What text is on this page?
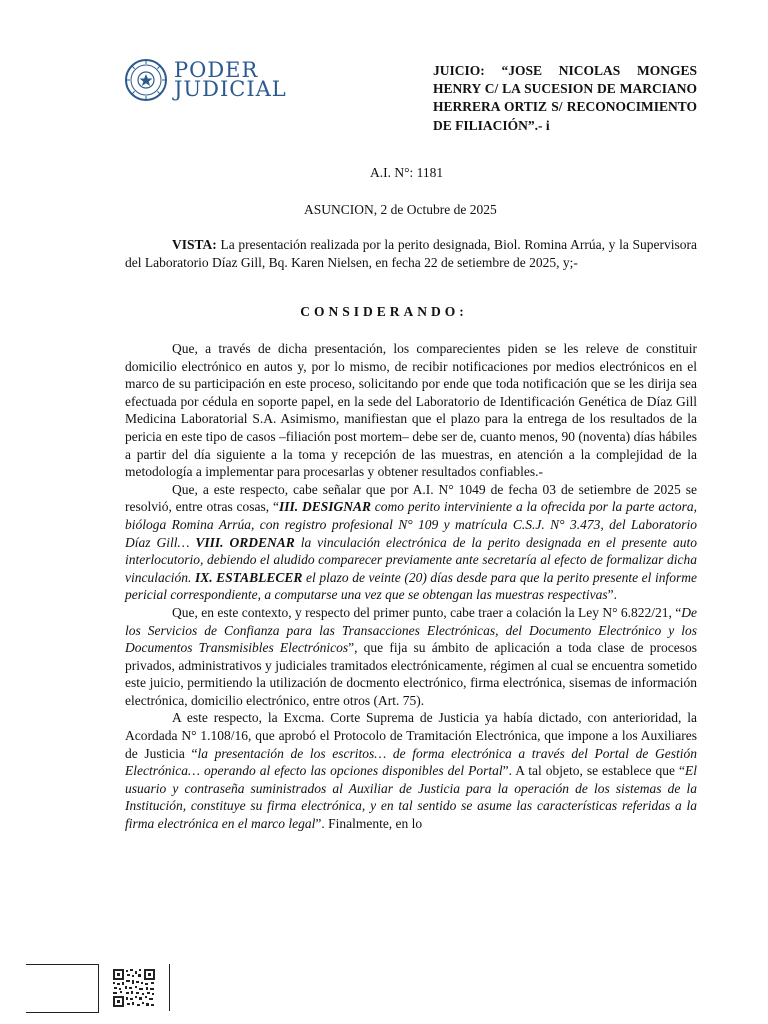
PODER
JUDICIAL
JUICIO: “JOSE NICOLAS MONGES HENRY C/ LA SUCESION DE MARCIANO HERRERA ORTIZ S/ RECONOCIMIENTO DE FILIACIÓN”.- i
A.I. N°: 1181
ASUNCION, 2 de Octubre de 2025

VISTA: La presentación realizada por la perito designada, Biol. Romina Arrúa, y la Supervisora del Laboratorio Díaz Gill, Bq. Karen Nielsen, en fecha 22 de setiembre de 2025, y;-

CONSIDERANDO:

Que, a través de dicha presentación, los comparecientes piden se les releve de constituir domicilio electrónico en autos y, por lo mismo, de recibir notificaciones por medios electrónicos en el marco de su participación en este proceso, solicitando por ende que toda notificación que se les dirija sea efectuada por cédula en soporte papel, en la sede del Laboratorio de Identificación Genética de Díaz Gill Medicina Laboratorial S.A. Asimismo, manifiestan que el plazo para la entrega de los resultados de la pericia en este tipo de casos –filiación post mortem– debe ser de, cuanto menos, 90 (noventa) días hábiles a partir del día siguiente a la toma y recepción de las muestras, en atención a la complejidad de la metodología a implementar para procesarlas y obtener resultados confiables.-

Que, a este respecto, cabe señalar que por A.I. N° 1049 de fecha 03 de setiembre de 2025 se resolvió, entre otras cosas, “III. DESIGNAR como perito interviniente a la ofrecida por la parte actora, bióloga Romina Arrúa, con registro profesional N° 109 y matrícula C.S.J. N° 3.473, del Laboratorio Díaz Gill… VIII. ORDENAR la vinculación electrónica de la perito designada en el presente auto interlocutorio, debiendo el aludido comparecer previamente ante secretaría al efecto de formalizar dicha vinculación. IX. ESTABLECER el plazo de veinte (20) días desde para que la perito presente el informe pericial correspondiente, a computarse una vez que se obtengan las muestras respectivas”.

Que, en este contexto, y respecto del primer punto, cabe traer a colación la Ley N° 6.822/21, “De los Servicios de Confianza para las Transacciones Electrónicas, del Documento Electrónico y los Documentos Transmisibles Electrónicos”, que fija su ámbito de aplicación a toda clase de procesos privados, administrativos y judiciales tramitados electrónicamente, régimen al cual se encuentra sometido este juicio, permitiendo la utilización de docmento electrónico, firma electrónica, sisemas de información electrónica, domicilio electrónico, entre otros (Art. 75).

A este respecto, la Excma. Corte Suprema de Justicia ya había dictado, con anterioridad, la Acordada N° 1.108/16, que aprobó el Protocolo de Tramitación Electrónica, que impone a los Auxiliares de Justicia “la presentación de los escritos… de forma electrónica a través del Portal de Gestión Electrónica… operando al efecto las opciones disponibles del Portal”. A tal objeto, se establece que “El usuario y contraseña suministrados al Auxiliar de Justicia para la operación de los sistemas de la Institución, constituye su firma electrónica, y en tal sentido se asume las características referidas a la firma electrónica en el marco legal”. Finalmente, en lo
